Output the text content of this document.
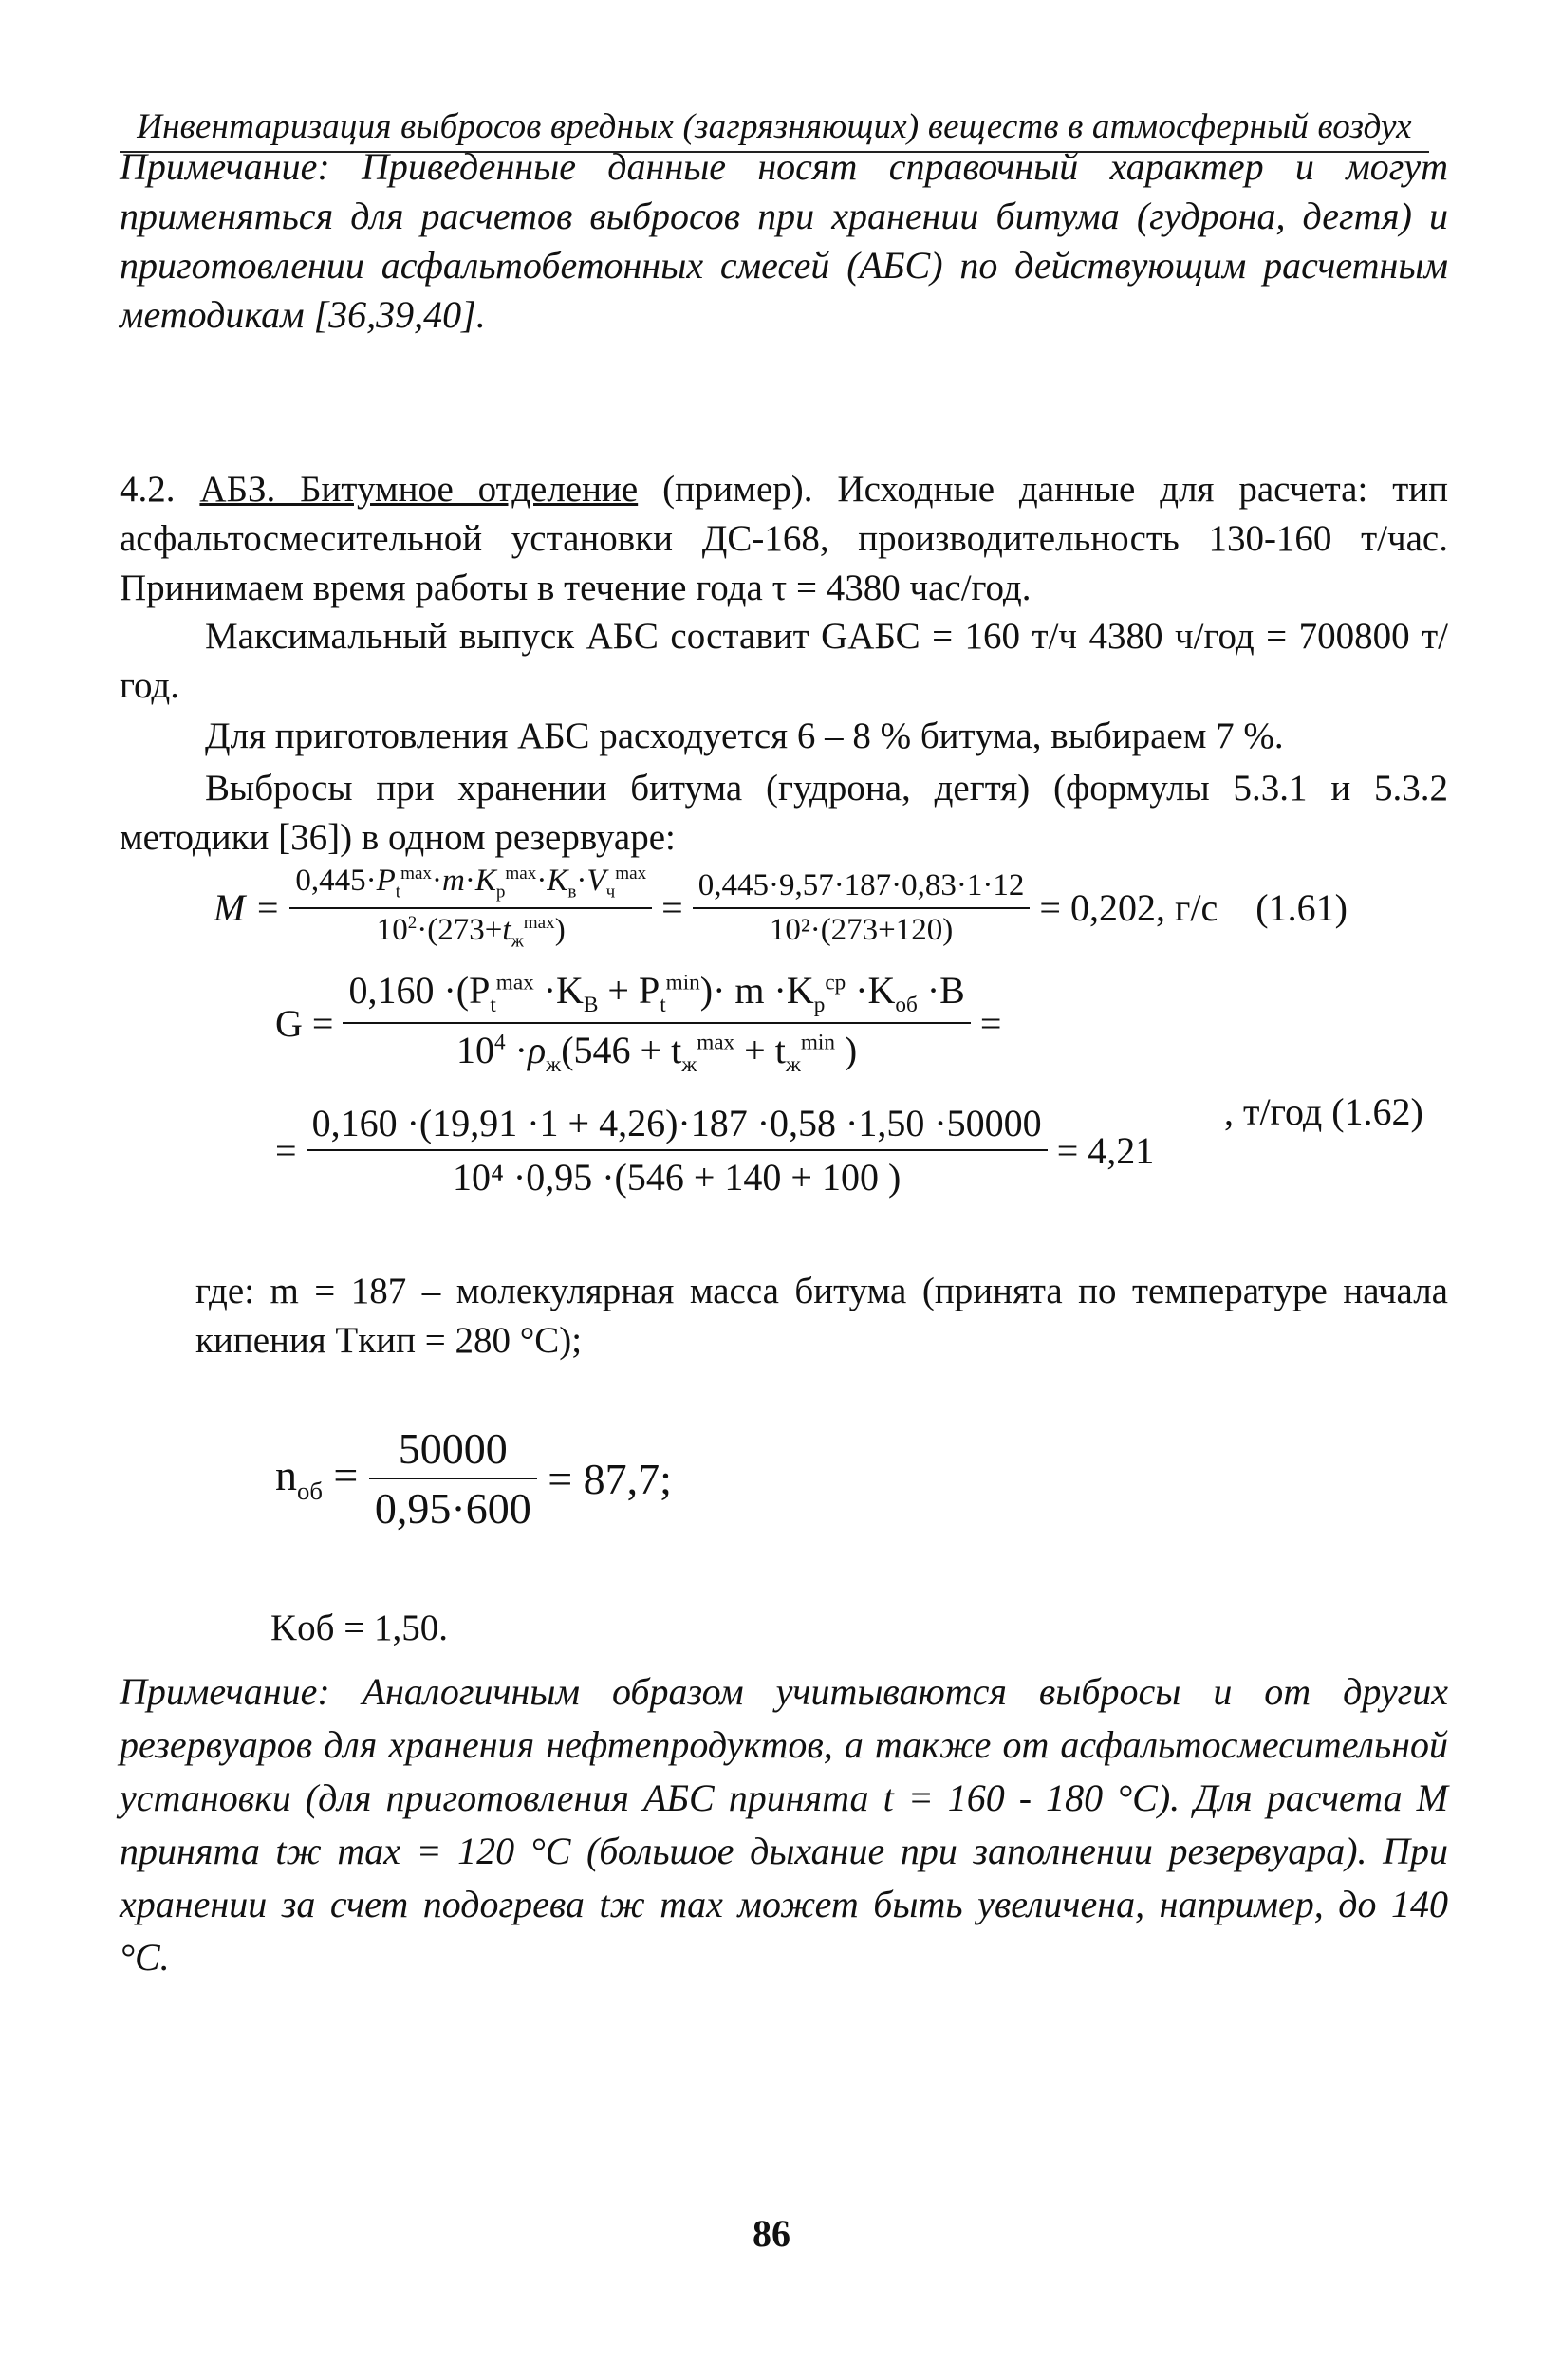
Инвентаризация выбросов вредных (загрязняющих) веществ в атмосферный воздух
Примечание: Приведенные данные носят справочный характер и могут применяться для расчетов выбросов при хранении битума (гудрона, дегтя) и приготовлении асфальтобетонных смесей (АБС) по действующим расчетным методикам [36,39,40].
4.2. АБЗ. Битумное отделение (пример). Исходные данные для расчета: тип асфальтосмесительной установки ДС-168, производительность 130-160 т/час. Принимаем время работы в течение года τ = 4380 час/год.
Максимальный выпуск АБС составит GАБС = 160 т/ч 4380 ч/год = 700800 т/год.
Для приготовления АБС расходуется 6 – 8 % битума, выбираем 7 %.
Выбросы при хранении битума (гудрона, дегтя) (формулы 5.3.1 и 5.3.2 методики [36]) в одном резервуаре:
$M = \frac{0,445\cdot P_t^{max}\cdot m\cdot K_p^{max}\cdot K_в\cdot V_ч^{max}}{10^2\cdot(273+t_ж^{max})} = \frac{0,445\cdot 9,57\cdot 187\cdot 0,83\cdot 1\cdot 12}{\text{10²·(273+120)}} = 0,202$, г/с (1.61)
$G = \frac{0,160 \cdot(P_t^{max} \cdot K_B + P_t^{min})\cdot m \cdot K_p^{cp} \cdot K_{об} \cdot B}{10^4 \cdot\rho_ж(546 + t_ж^{max} + t_ж^{min} )}$ =
= $\frac{0,160 \cdot(19,91 \cdot 1 + 4,26)\cdot 187 \cdot 0,58 \cdot 1,50 \cdot 50000}{\text{10⁴ ·0,95 ·(546 + 140 + 100 )}} = 4,21$
, т/год (1.62)
где: m = 187 – молекулярная масса битума (принята по температуре начала кипения Tкип = 280 °С);
$n_{об} = \frac{50000}{0,95\cdot 600} = 87,7$;
Kоб = 1,50.
Примечание: Аналогичным образом учитываются выбросы и от других резервуаров для хранения нефтепродуктов, а также от асфальтосмесительной установки (для приготовления АБС принята t = 160 - 180 °С). Для расчета M принята tж max = 120 °С (большое дыхание при заполнении резервуара). При хранении за счет подогрева tж max может быть увеличена, например, до 140 °С.
86
